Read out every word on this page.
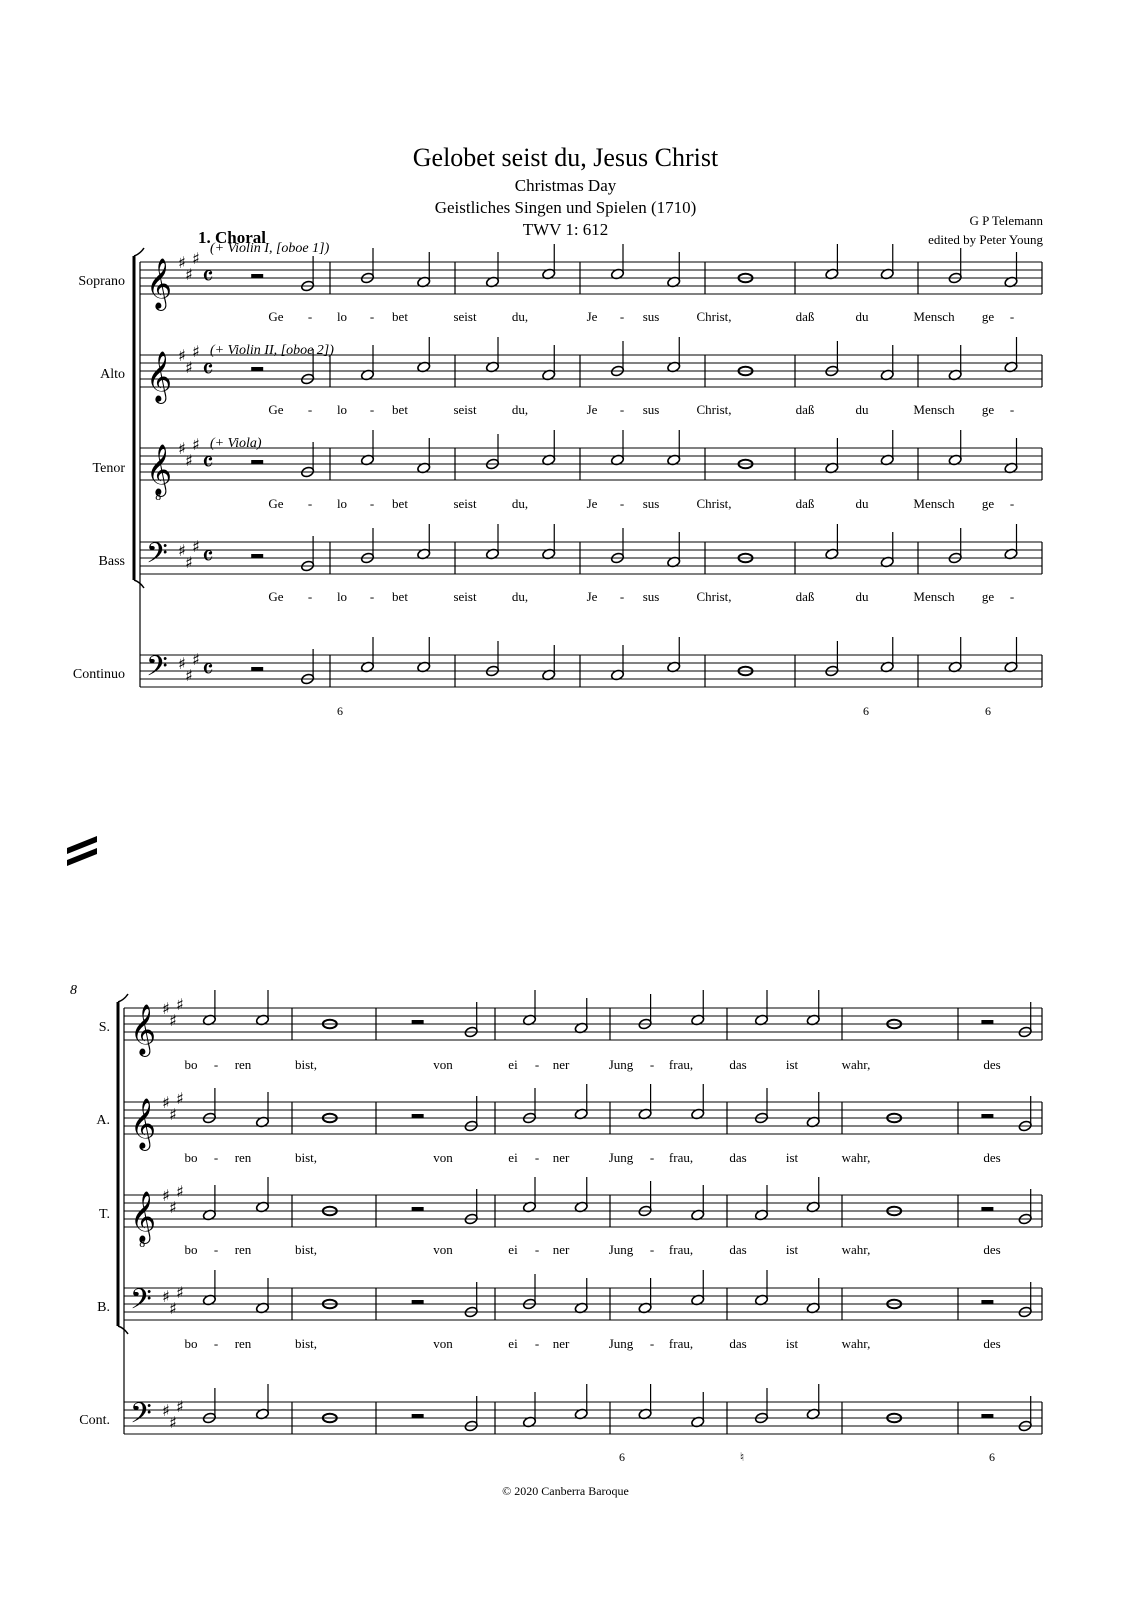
Gelobet seist du, Jesus Christ
Christmas Day
Geistliches Singen und Spielen (1710)
TWV 1: 612	G P Telemann
edited by Peter Young
1. Choral
(+ Violin I, [oboe 1])
(+ Violin II, [oboe 2])
(+ Viola)
Soprano
Alto
Tenor
Bass
Continuo
8
S.
A.
T.
B.
Cont.
Ge - lo - bet	seist	du,	Je - sus	Christ,	daß	du	Mensch ge -
Ge - lo - bet	seist	du,	Je - sus	Christ,	daß	du	Mensch ge -
Ge - lo - bet	seist	du,	Je - sus	Christ,	daß	du	Mensch ge -
Ge - lo - bet	seist	du,	Je - sus	Christ,	daß	du	Mensch ge -
6	6	6
bo - ren	bist,	von	ei - ner	Jung - frau,	das	ist	wahr,	des
bo - ren	bist,	von	ei - ner	Jung - frau,	das	ist	wahr,	des
bo - ren	bist,	von	ei - ner	Jung - frau,	das	ist	wahr,	des
bo - ren	bist,	von	ei - ner	Jung - frau,	das	ist	wahr,	des
6	♮	6
© 2020 Canberra Baroque
𝄞 ♯
♯
♯
𝄴
𝄞 ♯
♯
♯
𝄴
𝄞
8
♯
♯
♯
𝄴
𝄢 ♯
♯
♯ 𝄴
𝄢 ♯
♯
♯ 𝄴
𝄞 ♯
♯
♯
𝄞 ♯
♯
♯
𝄞
8
♯
♯
♯
𝄢 ♯
♯
♯
𝄢 ♯
♯
♯
